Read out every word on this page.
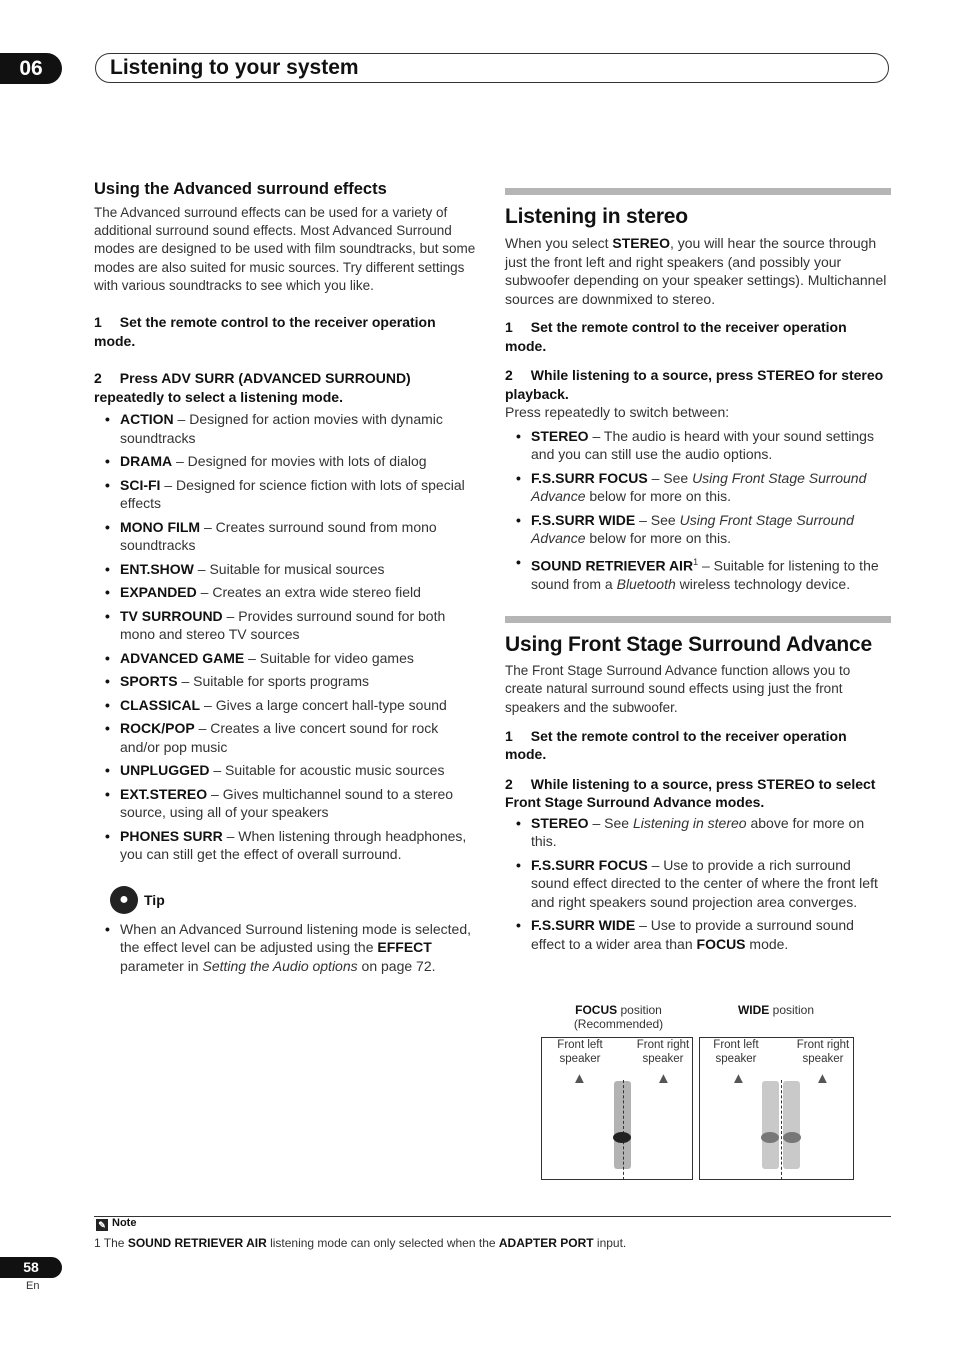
06	Listening to your system
Using the Advanced surround effects

The Advanced surround effects can be used for a variety of additional surround sound effects. Most Advanced Surround modes are designed to be used with film soundtracks, but some modes are also suited for music sources. Try different settings with various soundtracks to see which you like.

1 Set the remote control to the receiver operation mode.
2 Press ADV SURR (ADVANCED SURROUND) repeatedly to select a listening mode.
• ACTION – Designed for action movies with dynamic soundtracks
• DRAMA – Designed for movies with lots of dialog
• SCI-FI – Designed for science fiction with lots of special effects
• MONO FILM – Creates surround sound from mono soundtracks
• ENT.SHOW – Suitable for musical sources
• EXPANDED – Creates an extra wide stereo field
• TV SURROUND – Provides surround sound for both mono and stereo TV sources
• ADVANCED GAME – Suitable for video games
• SPORTS – Suitable for sports programs
• CLASSICAL – Gives a large concert hall-type sound
• ROCK/POP – Creates a live concert sound for rock and/or pop music
• UNPLUGGED – Suitable for acoustic music sources
• EXT.STEREO – Gives multichannel sound to a stereo source, using all of your speakers
• PHONES SURR – When listening through headphones, you can still get the effect of overall surround.
●	Tip
• When an Advanced Surround listening mode is selected, the effect level can be adjusted using the EFFECT parameter in Setting the Audio options on page 72.
Listening in stereo

When you select STEREO, you will hear the source through just the front left and right speakers (and possibly your subwoofer depending on your speaker settings). Multichannel sources are downmixed to stereo.

1 Set the remote control to the receiver operation mode.
2 While listening to a source, press STEREO for stereo playback.

Press repeatedly to switch between:

• STEREO – The audio is heard with your sound settings and you can still use the audio options.
• F.S.SURR FOCUS – See Using Front Stage Surround Advance below for more on this.
• F.S.SURR WIDE – See Using Front Stage Surround Advance below for more on this.
• SOUND RETRIEVER AIR$^1$ – Suitable for listening to the sound from a Bluetooth wireless technology device.
Using Front Stage Surround Advance

The Front Stage Surround Advance function allows you to create natural surround sound effects using just the front speakers and the subwoofer.

1 Set the remote control to the receiver operation mode.
2 While listening to a source, press STEREO to select Front Stage Surround Advance modes.
• STEREO – See Listening in stereo above for more on this.
• F.S.SURR FOCUS – Use to provide a rich surround sound effect directed to the center of where the front left and right speakers sound projection area converges.
• F.S.SURR WIDE – Use to provide a surround sound effect to a wider area than FOCUS mode.
FOCUS position
(Recommended)
WIDE position
Front left
speaker
Front right
speaker
▲	▲
Front left
speaker
Front right
speaker
▲	▲
✎ Note
1 The SOUND RETRIEVER AIR listening mode can only selected when the ADAPTER PORT input.
58
En
